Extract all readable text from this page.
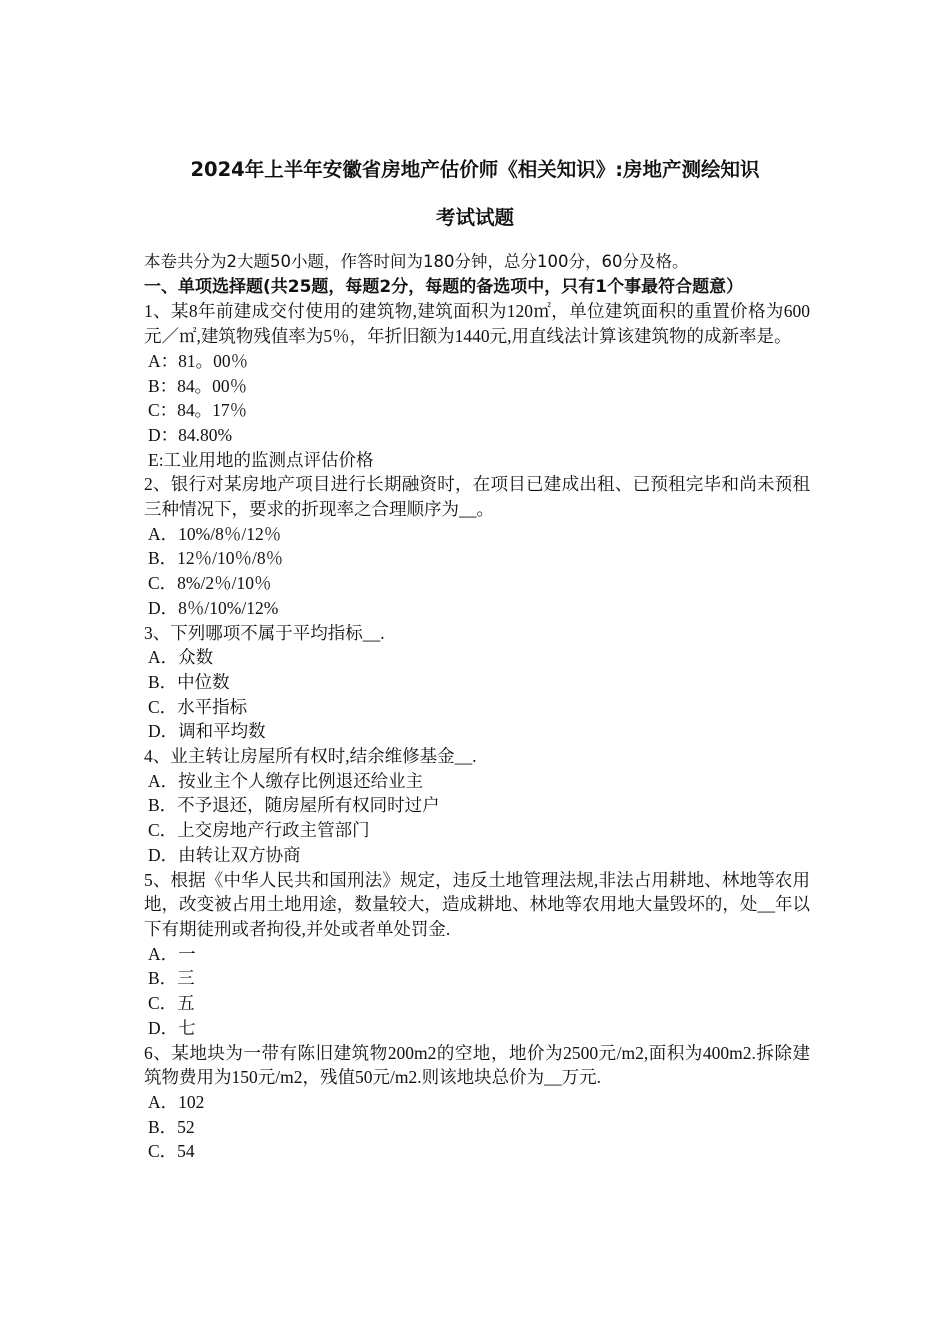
2024年上半年安徽省房地产估价师《相关知识》:房地产测绘知识
考试试题

本卷共分为2大题50小题，作答时间为180分钟，总分100分，60分及格。

一、单项选择题(共25题，每题2分，每题的备选项中，只有1个事最符合题意）

1、某8年前建成交付使用的建筑物,建筑面积为120㎡，单位建筑面积的重置价格为600元／㎡,建筑物残值率为5％，年折旧额为1440元,用直线法计算该建筑物的成新率是。

A：81。00％

B：84。00％

C：84。17％

D：84.80%

E:工业用地的监测点评估价格

2、银行对某房地产项目进行长期融资时，在项目已建成出租、已预租完毕和尚未预租三种情况下，要求的折现率之合理顺序为__。

A．10%/8％/12％

B．12％/10％/8％

C．8%/2％/10％

D．8％/10%/12%

3、下列哪项不属于平均指标__.

A．众数

B．中位数

C．水平指标

D．调和平均数

4、业主转让房屋所有权时,结余维修基金__.

A．按业主个人缴存比例退还给业主

B．不予退还，随房屋所有权同时过户

C．上交房地产行政主管部门

D．由转让双方协商

5、根据《中华人民共和国刑法》规定，违反土地管理法规,非法占用耕地、林地等农用地，改变被占用土地用途，数量较大，造成耕地、林地等农用地大量毁坏的，处__年以下有期徒刑或者拘役,并处或者单处罚金.

A．一

B．三

C．五

D．七

6、某地块为一带有陈旧建筑物200m2的空地，地价为2500元/m2,面积为400m2.拆除建筑物费用为150元/m2，残值50元/m2.则该地块总价为__万元.

A．102

B．52

C．54
